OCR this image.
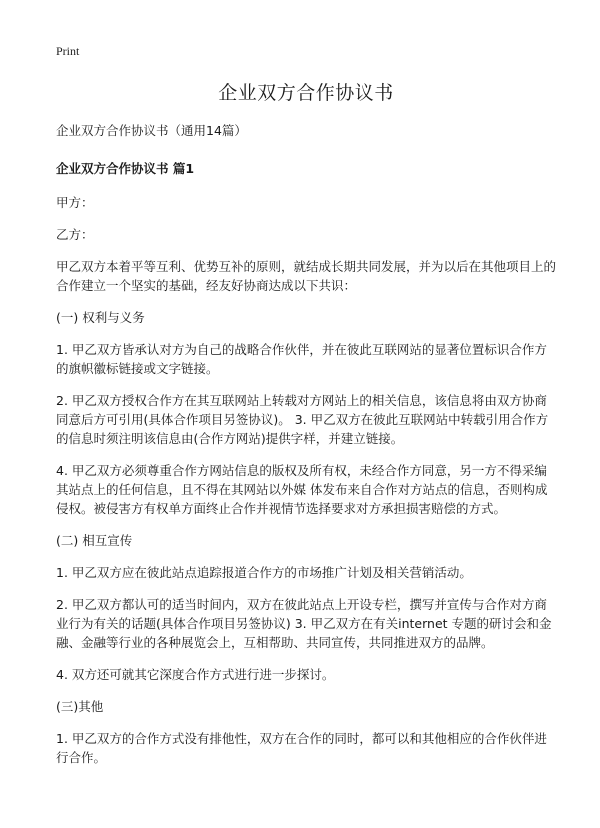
Print
企业双方合作协议书
企业双方合作协议书（通用14篇）
企业双方合作协议书 篇1

甲方：

乙方：

甲乙双方本着平等互利、优势互补的原则，就结成长期共同发展，并为以后在其他项目上的合作建立一个坚实的基础，经友好协商达成以下共识：

(一) 权利与义务

1. 甲乙双方皆承认对方为自己的战略合作伙伴，并在彼此互联网站的显著位置标识合作方的旗帜徽标链接或文字链接。

2. 甲乙双方授权合作方在其互联网站上转载对方网站上的相关信息，该信息将由双方协商同意后方可引用(具体合作项目另签协议)。 3. 甲乙双方在彼此互联网站中转载引用合作方的信息时须注明该信息由(合作方网站)提供字样，并建立链接。

4. 甲乙双方必须尊重合作方网站信息的版权及所有权，未经合作方同意，另一方不得采编其站点上的任何信息，且不得在其网站以外媒 体发布来自合作对方站点的信息，否则构成侵权。被侵害方有权单方面终止合作并视情节选择要求对方承担损害赔偿的方式。

(二) 相互宣传

1. 甲乙双方应在彼此站点追踪报道合作方的市场推广计划及相关营销活动。

2. 甲乙双方都认可的适当时间内，双方在彼此站点上开设专栏，撰写并宣传与合作对方商业行为有关的话题(具体合作项目另签协议) 3. 甲乙双方在有关internet 专题的研讨会和金融、金融等行业的各种展览会上，互相帮助、共同宣传，共同推进双方的品牌。

4. 双方还可就其它深度合作方式进行进一步探讨。

(三)其他

1. 甲乙双方的合作方式没有排他性，双方在合作的同时，都可以和其他相应的合作伙伴进行合作。
